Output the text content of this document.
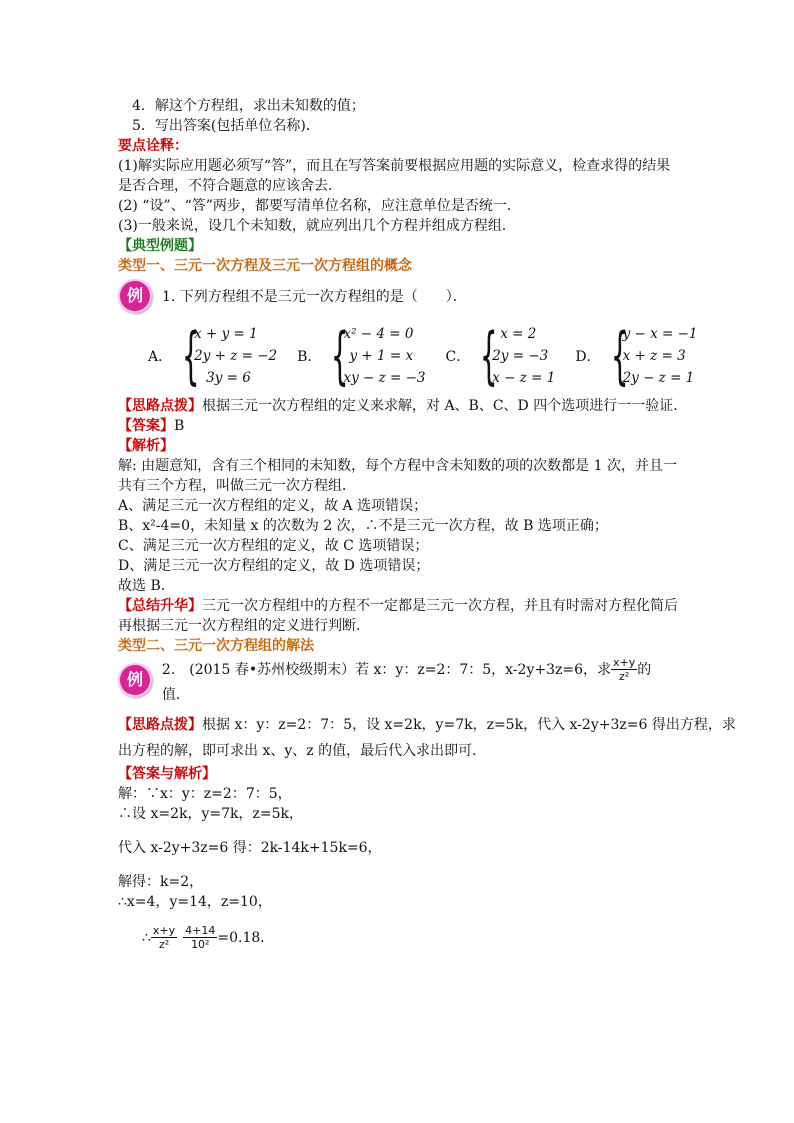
4．解这个方程组，求出未知数的值；
5．写出答案(包括单位名称)．
要点诠释：
(1)解实际应用题必须写“答”，而且在写答案前要根据应用题的实际意义，检查求得的结果
是否合理，不符合题意的应该舍去．
(2) “设”、“答”两步，都要写清单位名称，应注意单位是否统一．
(3)一般来说，设几个未知数，就应列出几个方程并组成方程组．
【典型例题】
类型一、三元一次方程及三元一次方程组的概念
例	1. 下列方程组不是三元一次方程组的是（　　）．
A． {
x + y = 1
2y + z = −2
3y = 6
B． {
x² − 4 = 0
y + 1 = x
xy − z = −3
C． { x = 2
2y = −3
x − z = 1
D． {
y − x = −1
x + z = 3
2y − z = 1
【思路点拨】根据三元一次方程组的定义来求解，对 A、B、C、D 四个选项进行一一验证．
【答案】B
【解析】
解: 由题意知，含有三个相同的未知数，每个方程中含未知数的项的次数都是 1 次，并且一
共有三个方程，叫做三元一次方程组．
A、满足三元一次方程组的定义，故 A 选项错误；
B、x²-4=0，未知量 x 的次数为 2 次，∴不是三元一次方程，故 B 选项正确；
C、满足三元一次方程组的定义，故 C 选项错误；
D、满足三元一次方程组的定义，故 D 选项错误；
故选 B．
【总结升华】三元一次方程组中的方程不一定都是三元一次方程，并且有时需对方程化简后
再根据三元一次方程组的定义进行判断．
类型二、三元一次方程组的解法
例	2.　(2015 春•苏州校级期末）若 x：y：z=2：7：5，x-2y+3z=6，求 $\frac{x+y}{\text{z²}}$ 的值．
【思路点拨】根据 x：y：z=2：7：5，设 x=2k，y=7k，z=5k，代入 x-2y+3z=6 得出方程，求
出方程的解，即可求出 x、y、z 的值，最后代入求出即可．
【答案与解析】
解：∵x：y：z=2：7：5，
∴设 x=2k，y=7k，z=5k，
代入 x-2y+3z=6 得：2k-14k+15k=6，
解得：k=2，
∴x=4，y=14，z=10，
∴ $\frac{x+y}{\text{z²}} \frac{4+14}{\text{10²}} =0.18$．
